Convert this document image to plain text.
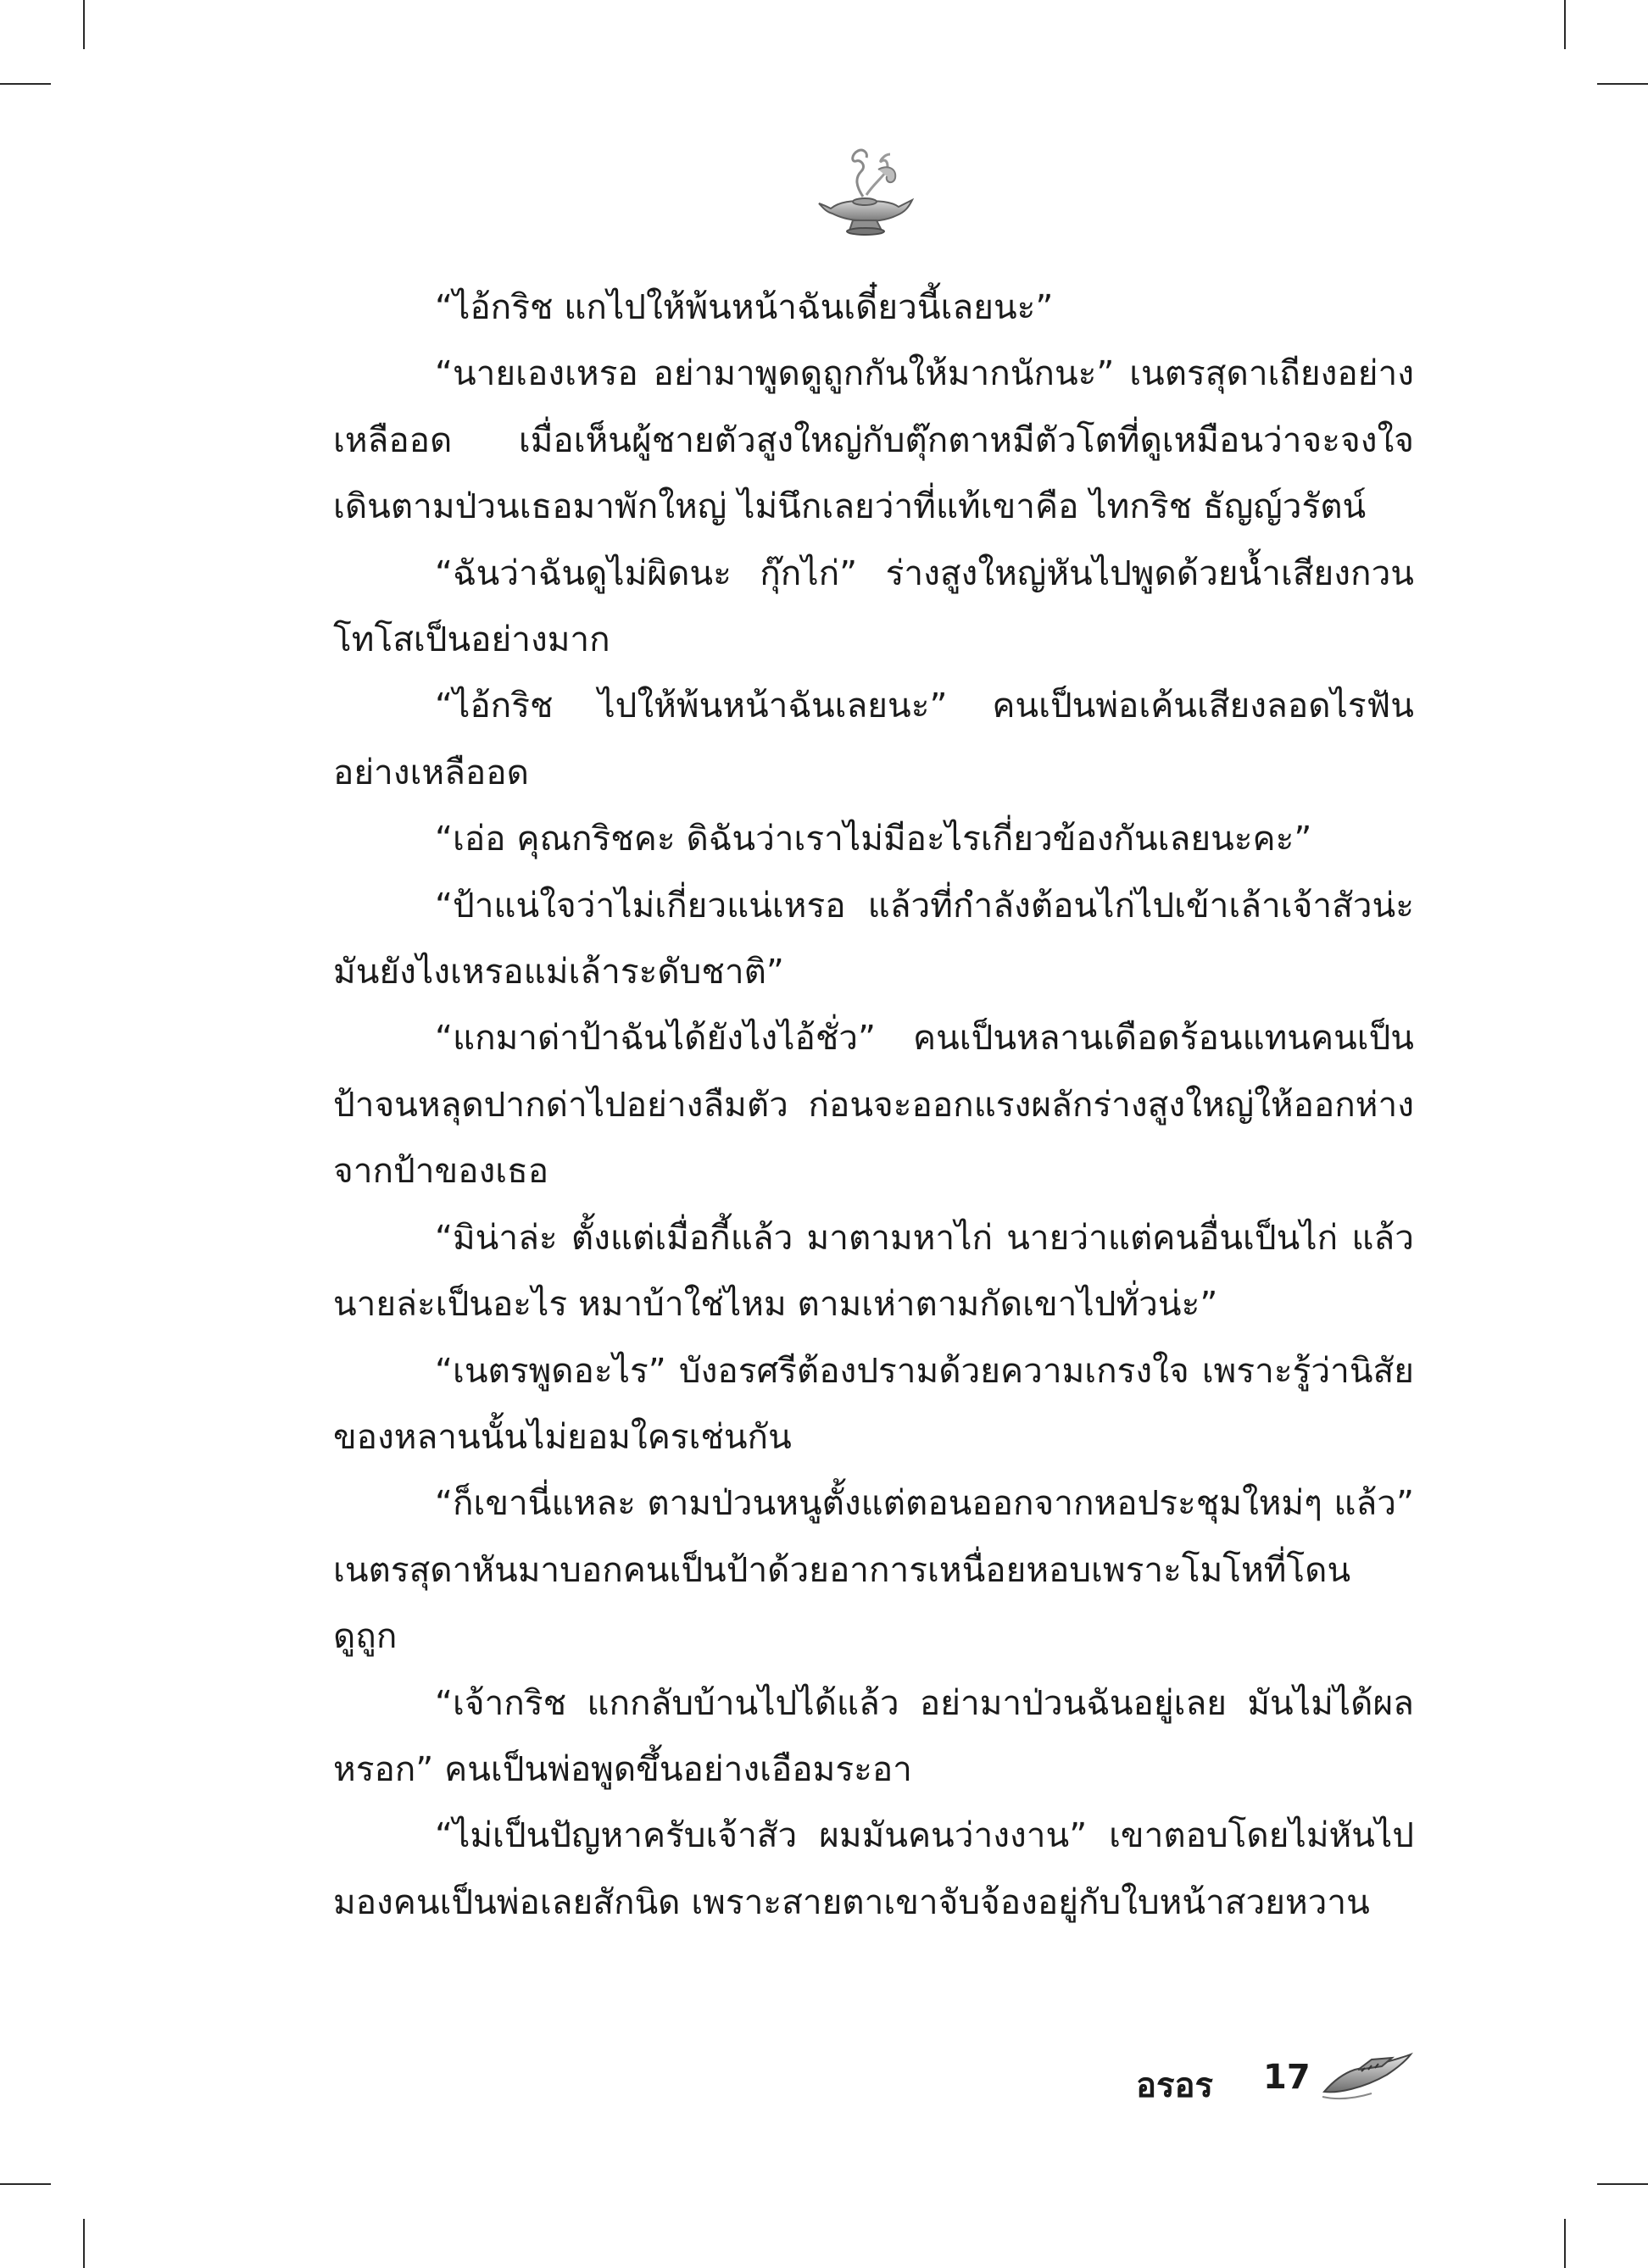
“ไอ้กริช แกไปให้พ้นหน้าฉันเดี๋ยวนี้เลยนะ”

“นายเองเหรอ อย่ามาพูดดูถูกกันให้มากนักนะ” เนตรสุดาเถียงอย่างเหลืออด เมื่อเห็นผู้ชายตัวสูงใหญ่กับตุ๊กตาหมีตัวโตที่ดูเหมือนว่าจะจงใจเดินตามป่วนเธอมาพักใหญ่ ไม่นึกเลยว่าที่แท้เขาคือ ไทกริช ธัญญ์วรัตน์

“ฉันว่าฉันดูไม่ผิดนะ กุ๊กไก่” ร่างสูงใหญ่หันไปพูดด้วยน้ำเสียงกวนโทโสเป็นอย่างมาก

“ไอ้กริช ไปให้พ้นหน้าฉันเลยนะ” คนเป็นพ่อเค้นเสียงลอดไรฟันอย่างเหลืออด

“เอ่อ คุณกริชคะ ดิฉันว่าเราไม่มีอะไรเกี่ยวข้องกันเลยนะคะ”

“ป้าแน่ใจว่าไม่เกี่ยวแน่เหรอ แล้วที่กำลังต้อนไก่ไปเข้าเล้าเจ้าสัวน่ะมันยังไงเหรอแม่เล้าระดับชาติ”

“แกมาด่าป้าฉันได้ยังไงไอ้ชั่ว” คนเป็นหลานเดือดร้อนแทนคนเป็นป้าจนหลุดปากด่าไปอย่างลืมตัว ก่อนจะออกแรงผลักร่างสูงใหญ่ให้ออกห่างจากป้าของเธอ

“มิน่าล่ะ ตั้งแต่เมื่อกี้แล้ว มาตามหาไก่ นายว่าแต่คนอื่นเป็นไก่ แล้วนายล่ะเป็นอะไร หมาบ้าใช่ไหม ตามเห่าตามกัดเขาไปทั่วน่ะ”

“เนตรพูดอะไร” บังอรศรีต้องปรามด้วยความเกรงใจ เพราะรู้ว่านิสัยของหลานนั้นไม่ยอมใครเช่นกัน

“ก็เขานี่แหละ ตามป่วนหนูตั้งแต่ตอนออกจากหอประชุมใหม่ๆ แล้ว” เนตรสุดาหันมาบอกคนเป็นป้าด้วยอาการเหนื่อยหอบเพราะโมโหที่โดนดูถูก

“เจ้ากริช แกกลับบ้านไปได้แล้ว อย่ามาป่วนฉันอยู่เลย มันไม่ได้ผลหรอก” คนเป็นพ่อพูดขึ้นอย่างเอือมระอา

“ไม่เป็นปัญหาครับเจ้าสัว ผมมันคนว่างงาน” เขาตอบโดยไม่หันไปมองคนเป็นพ่อเลยสักนิด เพราะสายตาเขาจับจ้องอยู่กับใบหน้าสวยหวาน

อรอร 17
